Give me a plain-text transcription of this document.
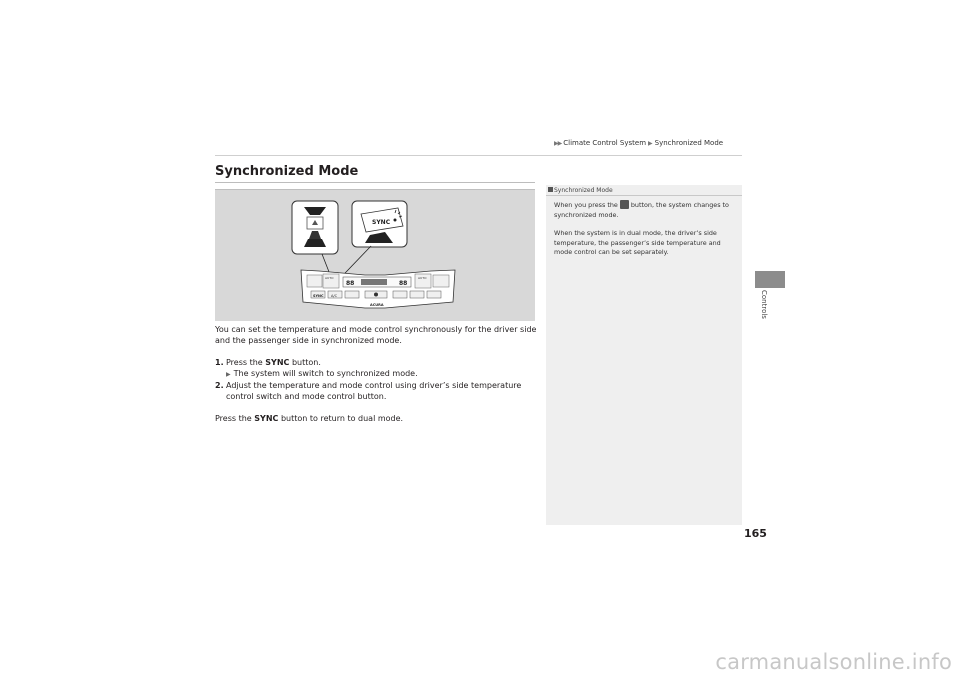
▶▶ Climate Control System ▶ Synchronized Mode
Synchronized Mode
SYNC
AUTO	AUTO
88	88
SYNC A/C
ACURA

You can set the temperature and mode control synchronously for the driver side and the passenger side in synchronized mode.

1. Press the SYNC button.
▶ The system will switch to synchronized mode.
2. Adjust the temperature and mode control using driver’s side temperature control switch and mode control button.

Press the SYNC button to return to dual mode.

Synchronized Mode

When you press the  button, the system changes to synchronized mode.

When the system is in dual mode, the driver’s side temperature, the passenger’s side temperature and mode control can be set separately.

Controls
165
carmanualsonline.info
